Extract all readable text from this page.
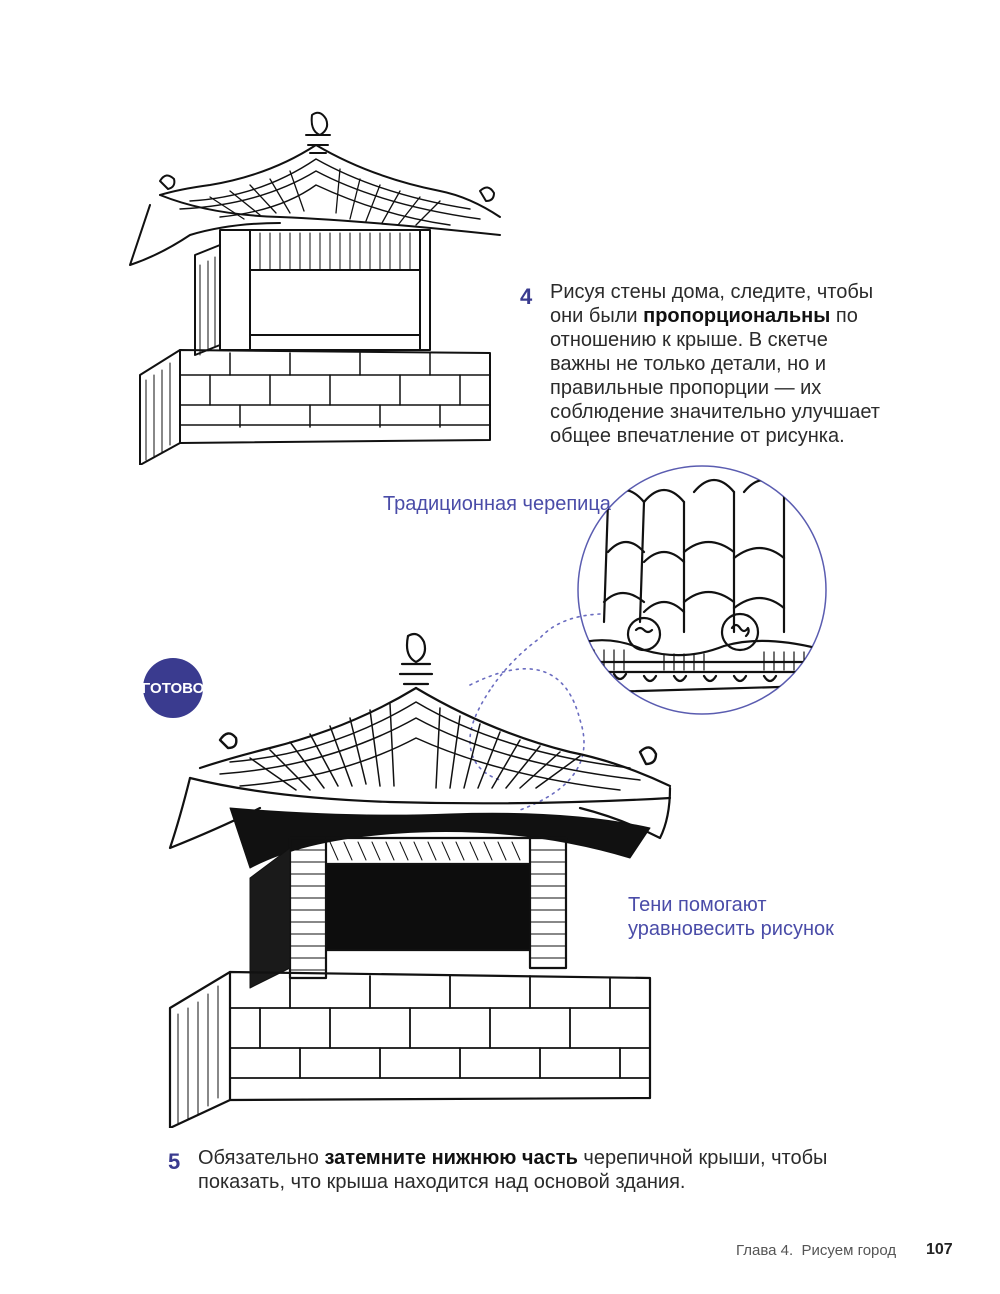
4 Рисуя стены дома, следите, чтобы они были пропорциональны по отношению к крыше. В скетче важны не только детали, но и правильные пропорции — их соблюдение значительно улучшает общее впечатление от рисунка.
Традиционная черепица
ГОТОВО
Тени помогают уравновесить рисунок
5 Обязательно затемните нижнюю часть черепичной крыши, чтобы показать, что крыша находится над основой здания.
Глава 4.  Рисуем город 107
